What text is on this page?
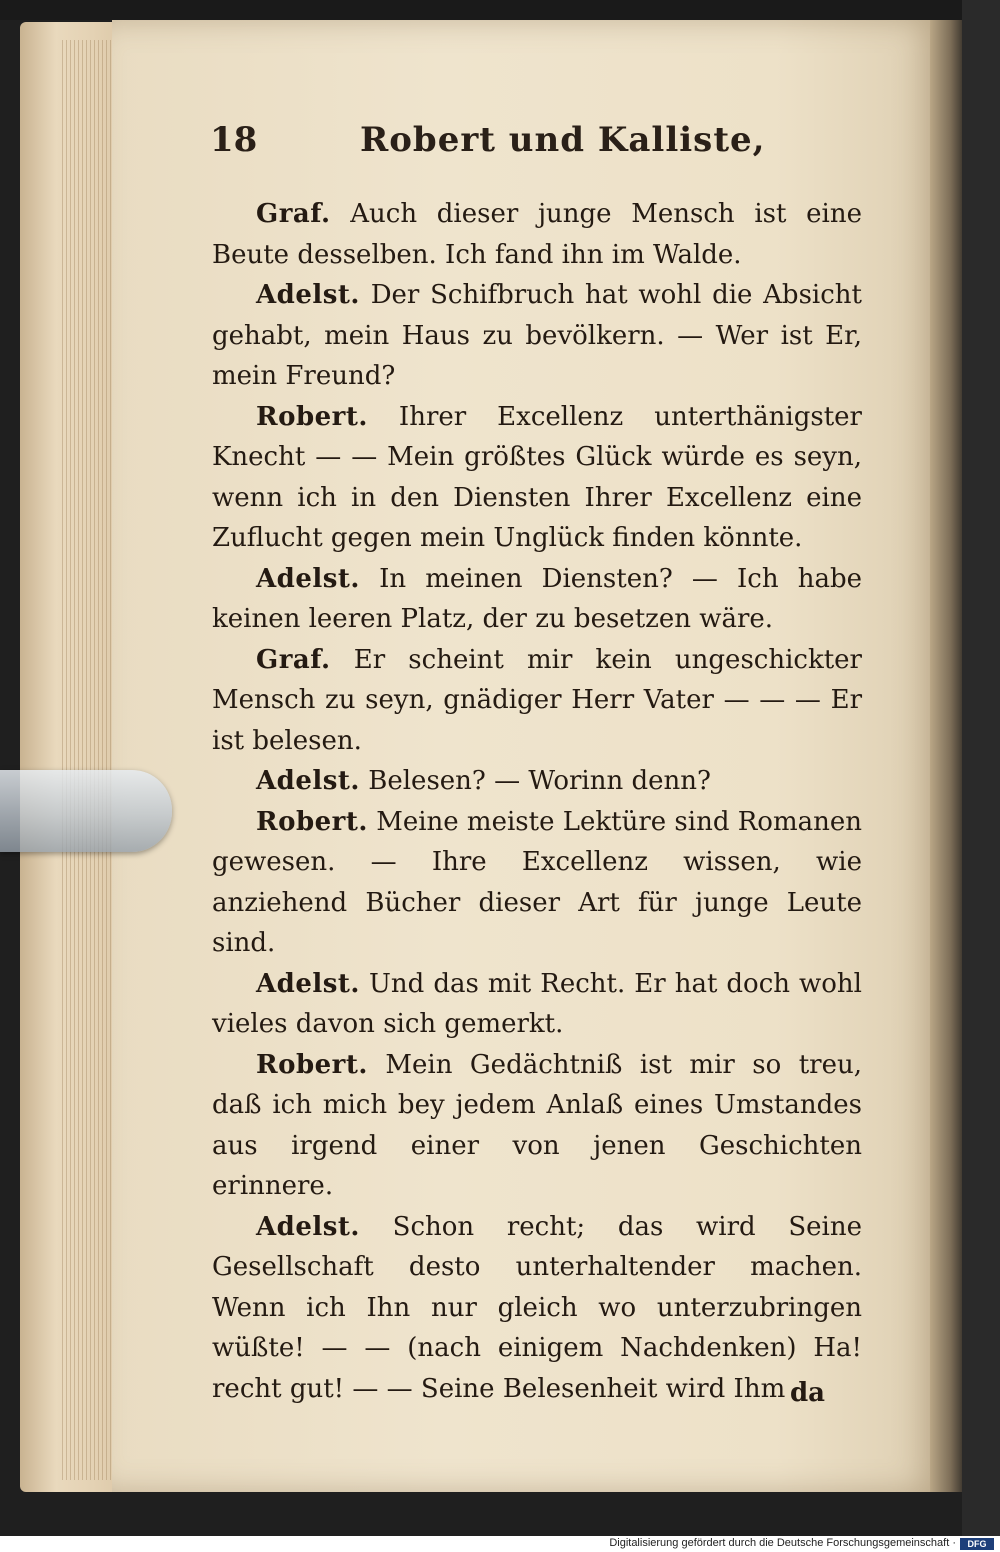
18	Robert und Kalliste,

Graf. Auch dieser junge Mensch ist eine Beute desselben. Ich fand ihn im Walde.

Adelst. Der Schifbruch hat wohl die Absicht gehabt, mein Haus zu bevölkern. — Wer ist Er, mein Freund?

Robert. Ihrer Excellenz unterthänigster Knecht — — Mein größtes Glück würde es seyn, wenn ich in den Diensten Ihrer Excellenz eine Zuflucht gegen mein Unglück finden könnte.

Adelst. In meinen Diensten? — Ich habe keinen leeren Platz, der zu besetzen wäre.

Graf. Er scheint mir kein ungeschickter Mensch zu seyn, gnädiger Herr Vater — — — Er ist belesen.

Adelst. Belesen? — Worinn denn?

Robert. Meine meiste Lektüre sind Romanen gewesen. — Ihre Excellenz wissen, wie anziehend Bücher dieser Art für junge Leute sind.

Adelst. Und das mit Recht. Er hat doch wohl vieles davon sich gemerkt.

Robert. Mein Gedächtniß ist mir so treu, daß ich mich bey jedem Anlaß eines Umstandes aus irgend einer von jenen Geschichten erinnere.

Adelst. Schon recht; das wird Seine Gesellschaft desto unterhaltender machen. Wenn ich Ihn nur gleich wo unterzubringen wüßte! — — (nach einigem Nachdenken) Ha! recht gut! — — Seine Belesenheit wird Ihm da
Digitalisierung gefördert durch die Deutsche Forschungsgemeinschaft ·	DFG
